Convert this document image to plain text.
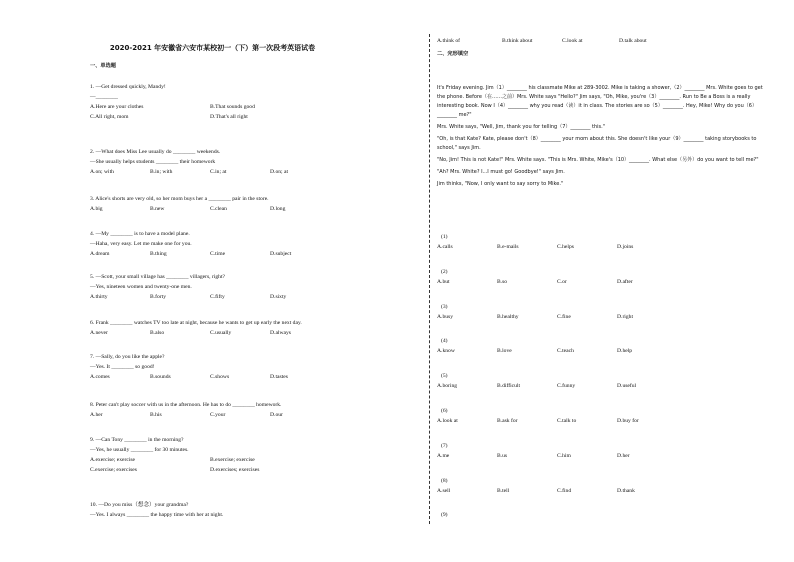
2020-2021 年安徽省六安市某校初一（下）第一次段考英语试卷
一、单选题
1. —Get dressed quickly, Mandy!
—________
A.Here are your clothes	B.That sounds good
C.All right, mom	D.That's all right
2. —What does Miss Lee usually do ________ weekends.
—She usually helps students ________ their homework
A.on; with	B.in; with	C.in; at	D.on; at
3. Alice's shorts are very old, so her mom buys her a ________ pair in the store.
A.big	B.new	C.clean	D.long
4. —My ________ is to have a model plane.
—Haha, very easy. Let me make one for you.
A.dream	B.thing	C.time	D.subject
5. —Scott, your small village has ________ villagers, right?
—Yes, nineteen women and twenty-one men.
A.thirty	B.forty	C.fifty	D.sixty
6. Frank ________ watches TV too late at night, because he wants to get up early the next day.
A.never	B.also	C.usually	D.always
7. —Sally, do you like the apple?
—Yes. It ________ so good!
A.comes	B.sounds	C.shows	D.tastes
8. Peter can't play soccer with us in the afternoon. He has to do ________ homework.
A.her	B.his	C.your	D.our
9. —Can Tony ________ in the morning?
—Yes, he usually ________ for 30 minutes.
A.exercise; exercise	B.exercise; exercise
C.exercise; exercises	D.exercises; exercises
10. —Do you miss（想念）your grandma?
—Yes. I always ________ the happy time with her at night.
A.think of	B.think about	C.look at	D.talk about
二、完形填空

It's Friday evening. Jim（1）________ his classmate Mike at 289-3002. Mike is taking a shower,（2）________ Mrs. White goes to get the phone. Before（在……之前）Mrs. White says "Hello?" Jim says, "Oh, Mike, you're（3）________. Run to Be a Boss is a really interesting book. Now I（4）________ why you read（读）it in class. The stories are so（5）________. Hey, Mike! Why do you（6）________ me?"

Mrs. White says, "Well, Jim, thank you for telling（7）________ this."

"Oh, is that Kate? Kate, please don't（8）________ your mom about this. She doesn't like your（9）________ taking storybooks to school," says Jim.

"No, Jim! This is not Kate!" Mrs. White says. "This is Mrs. White, Mike's（10）________. What else（另外）do you want to tell me?"

"Ah? Mrs. White? I...I must go! Goodbye!" says Jim.

Jim thinks, "Now, I only want to say sorry to Mike."

(1)
A.calls	B.e-mails	C.helps	D.joins
(2)
A.but	B.so	C.or	D.after
(3)
A.busy	B.healthy	C.fine	D.right
(4)
A.know	B.love	C.teach	D.help
(5)
A.boring	B.difficult	C.funny	D.useful
(6)
A.look at	B.ask for	C.talk to	D.buy for
(7)
A.me	B.us	C.him	D.her
(8)
A.sell	B.tell	C.find	D.thank
(9)
